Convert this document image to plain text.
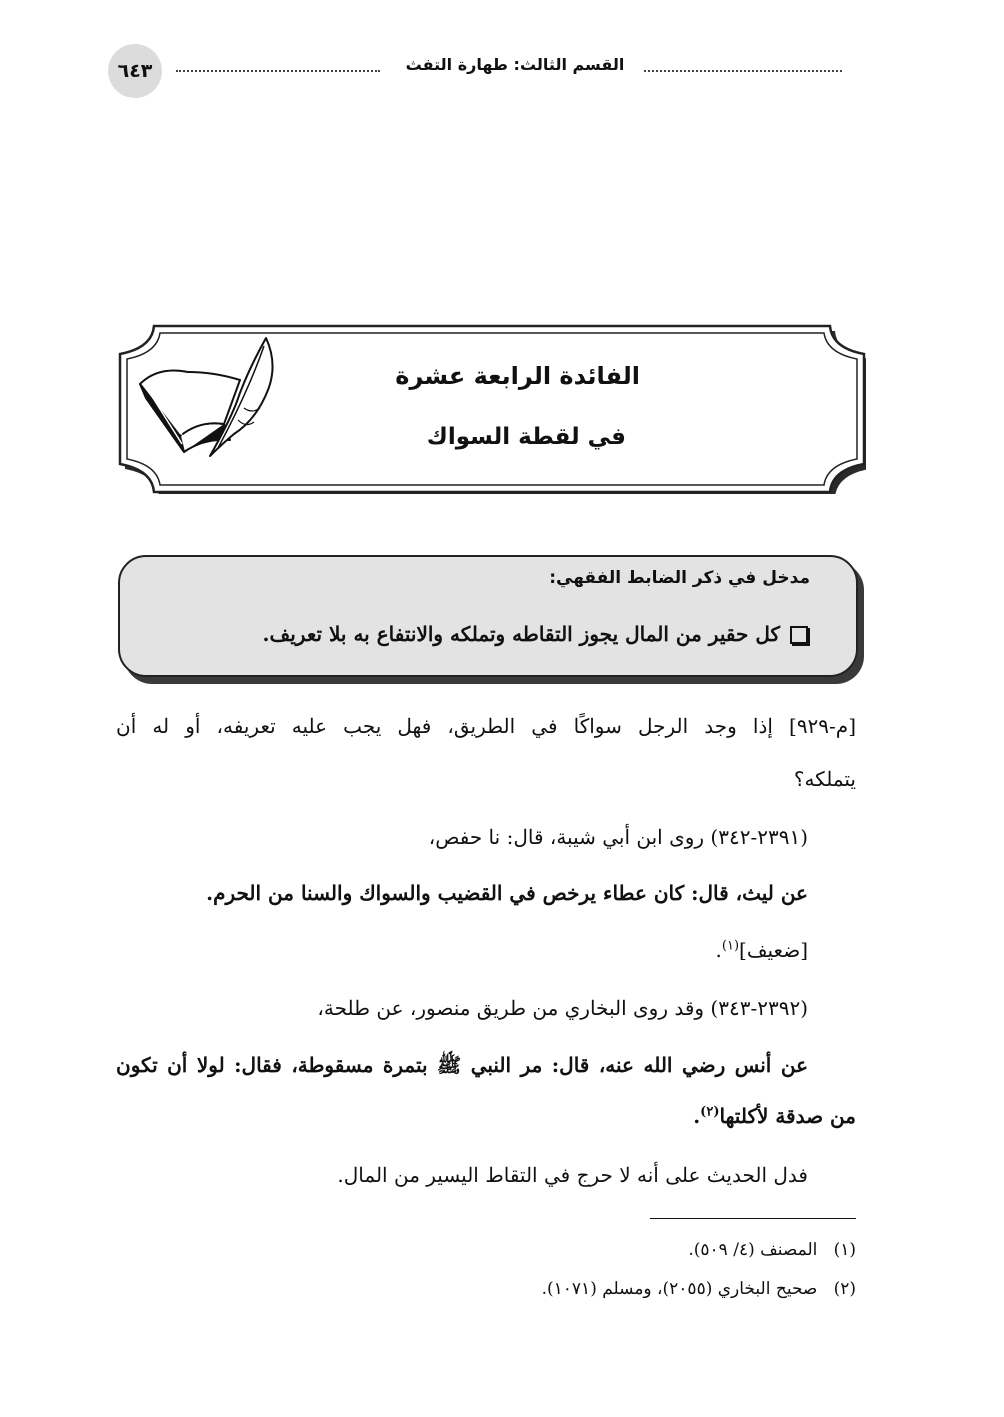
٦٤٣	القسم الثالث: طهارة التفث
الفائدة الرابعة عشرة
في لقطة السواك
مدخل في ذكر الضابط الفقهي:
كل حقير من المال يجوز التقاطه وتملكه والانتفاع به بلا تعريف.
[م-٩٢٩] إذا وجد الرجل سواكًا في الطريق، فهل يجب عليه تعريفه، أو له أن
يتملكه؟
(٢٣٩١-٣٤٢) روى ابن أبي شيبة، قال: نا حفص،
عن ليث، قال: كان عطاء يرخص في القضيب والسواك والسنا من الحرم.
[ضعيف]$^{(١)}$.
(٢٣٩٢-٣٤٣) وقد روى البخاري من طريق منصور، عن طلحة،
عن أنس رضي الله عنه، قال: مر النبي ﷺ بتمرة مسقوطة، فقال: لولا أن تكون
من صدقة لأكلتها$^{(٢)}$.
فدل الحديث على أنه لا حرج في التقاط اليسير من المال.
(١)   المصنف (٤/ ٥٠٩).
(٢)   صحيح البخاري (٢٠٥٥)، ومسلم (١٠٧١).
